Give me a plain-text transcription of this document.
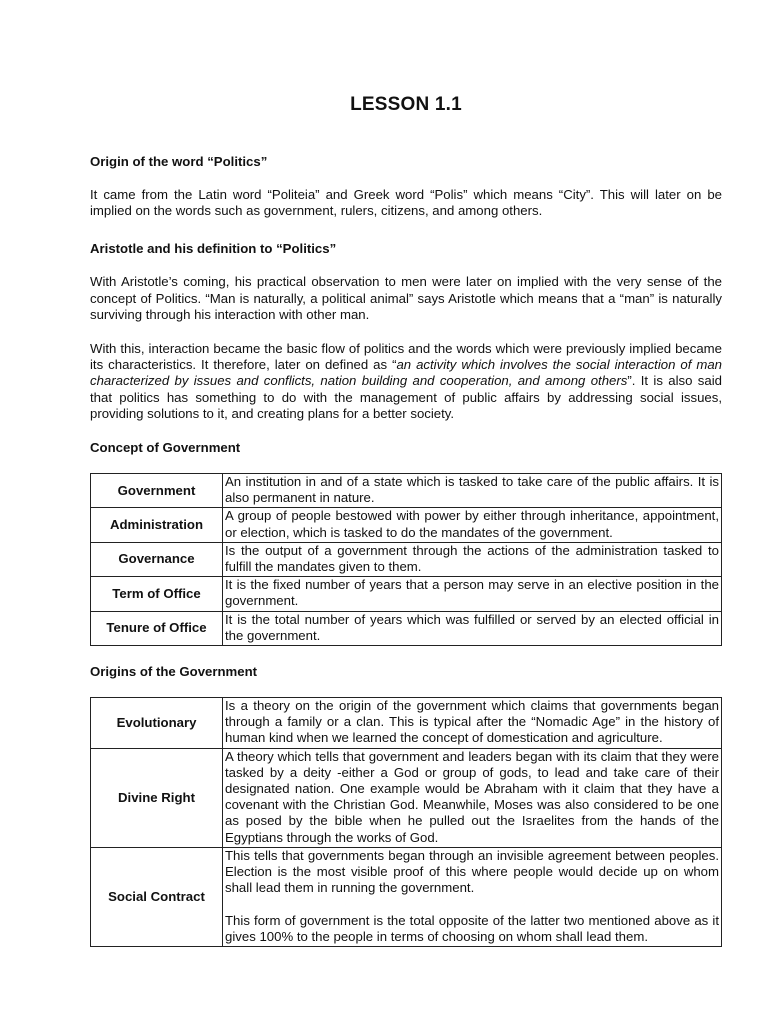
LESSON 1.1
Origin of the word “Politics”

It came from the Latin word “Politeia” and Greek word “Polis” which means “City”. This will later on be implied on the words such as government, rulers, citizens, and among others.

Aristotle and his definition to “Politics”

With Aristotle’s coming, his practical observation to men were later on implied with the very sense of the concept of Politics. “Man is naturally, a political animal” says Aristotle which means that a “man” is naturally surviving through his interaction with other man.

With this, interaction became the basic flow of politics and the words which were previously implied became its characteristics. It therefore, later on defined as “an activity which involves the social interaction of man characterized by issues and conflicts, nation building and cooperation, and among others”. It is also said that politics has something to do with the management of public affairs by addressing social issues, providing solutions to it, and creating plans for a better society.

Concept of Government
Government	An institution in and of a state which is tasked to take care of the public affairs. It is also permanent in nature.
Administration	A group of people bestowed with power by either through inheritance, appointment, or election, which is tasked to do the mandates of the government.
Governance	Is the output of a government through the actions of the administration tasked to fulfill the mandates given to them.
Term of Office	It is the fixed number of years that a person may serve in an elective position in the government.
Tenure of Office	It is the total number of years which was fulfilled or served by an elected official in the government.
Origins of the Government
Evolutionary	Is a theory on the origin of the government which claims that governments began through a family or a clan. This is typical after the “Nomadic Age” in the history of human kind when we learned the concept of domestication and agriculture.
Divine Right	A theory which tells that government and leaders began with its claim that they were tasked by a deity -either a God or group of gods, to lead and take care of their designated nation. One example would be Abraham with it claim that they have a covenant with the Christian God. Meanwhile, Moses was also considered to be one as posed by the bible when he pulled out the Israelites from the hands of the Egyptians through the works of God.
Social Contract	This tells that governments began through an invisible agreement between peoples. Election is the most visible proof of this where people would decide up on whom shall lead them in running the government.
This form of government is the total opposite of the latter two mentioned above as it gives 100% to the people in terms of choosing on whom shall lead them.
